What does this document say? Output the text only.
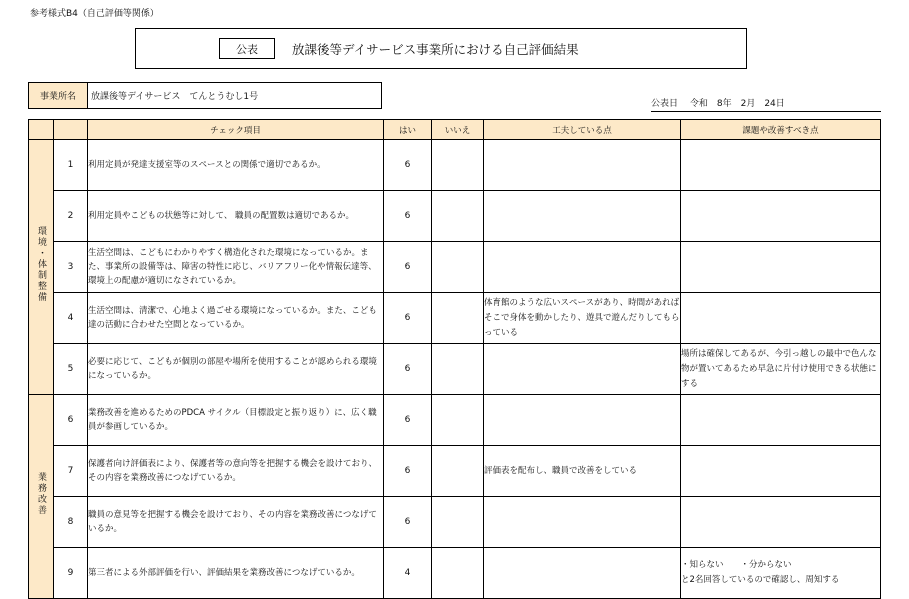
参考様式B4（自己評価等関係）
公表	放課後等デイサービス事業所における自己評価結果
事業所名	放課後等デイサービス　てんとうむし1号
公表日　 令和　8年　2月　24日
		チェック項目	はい	いいえ	工夫している点	課題や改善すべき点
環境・体制整備	1	利用定員が発達支援室等のスペースとの関係で適切であるか。	6			
	2	利用定員やこどもの状態等に対して、 職員の配置数は適切であるか。	6			
	3	生活空間は、こどもにわかりやすく構造化された環境になっているか。また、事業所の設備等は、障害の特性に応じ、バリアフリー化や情報伝達等、環境上の配慮が適切になされているか。	6			
	4	生活空間は、清潔で、心地よく過ごせる環境になっているか。また、こども達の活動に合わせた空間となっているか。	6		体育館のような広いスペースがあり、時間があればそこで身体を動かしたり、遊具で遊んだりしてもらっている	
	5	必要に応じて、こどもが個別の部屋や場所を使用することが認められる環境になっているか。	6			場所は確保してあるが、今引っ越しの最中で色んな物が置いてあるため早急に片付け使用できる状態にする
業務改善	6	業務改善を進めるためのPDCA サイクル（目標設定と振り返り）に、広く職員が参画しているか。	6			
	7	保護者向け評価表により、保護者等の意向等を把握する機会を設けており、その内容を業務改善につなげているか。	6		評価表を配布し、職員で改善をしている	
	8	職員の意見等を把握する機会を設けており、その内容を業務改善につなげているか。	6			
	9	第三者による外部評価を行い、評価結果を業務改善につなげているか。	4			・知らない　　・分からない
と2名回答しているので確認し、周知する
